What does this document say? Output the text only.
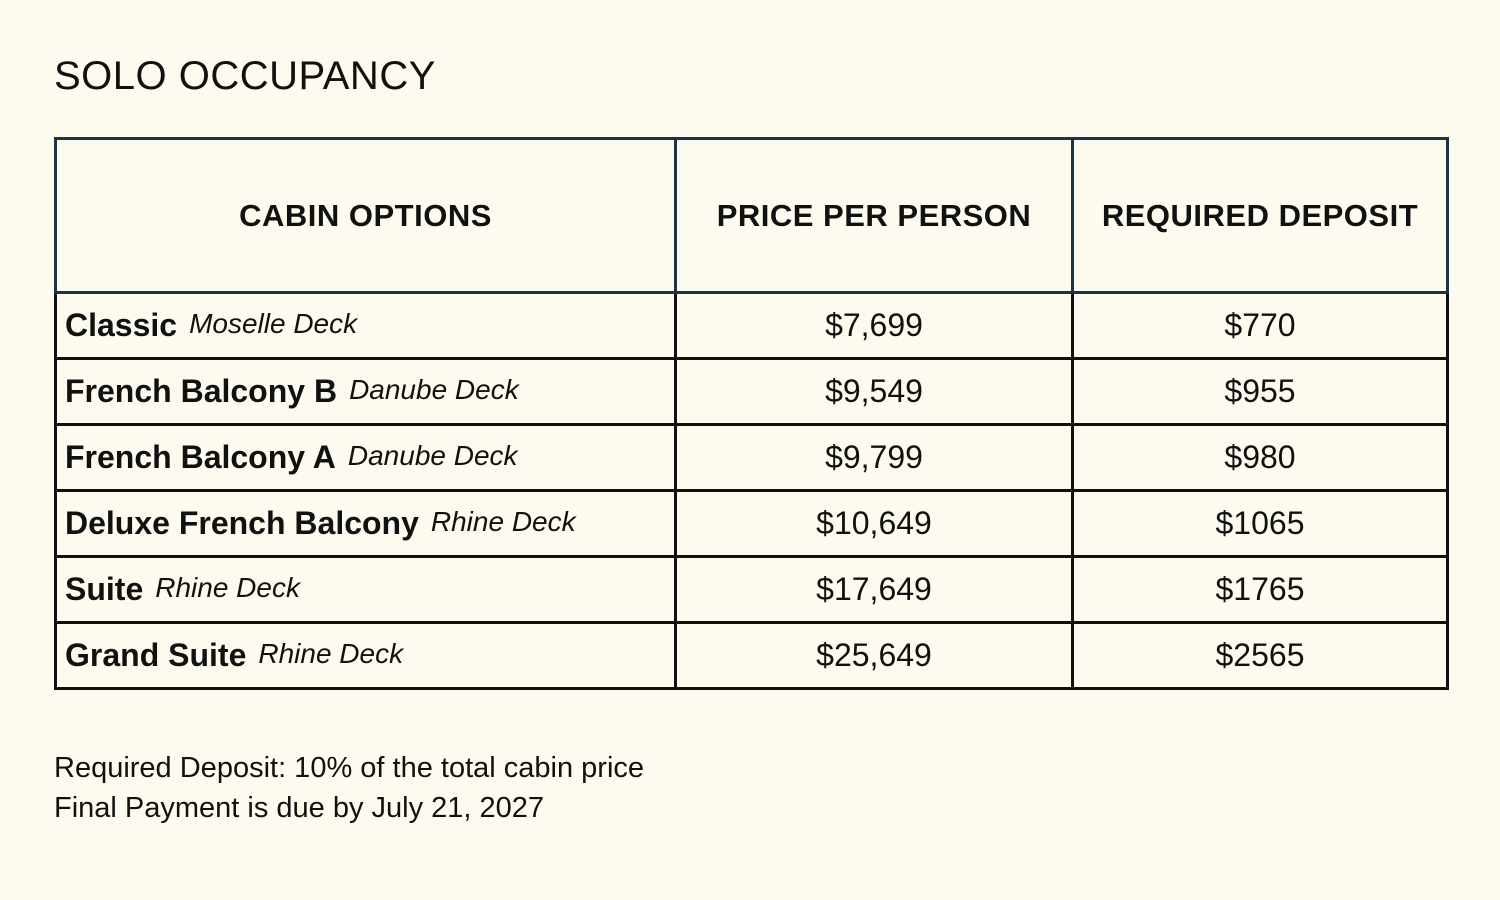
SOLO OCCUPANCY
CABIN OPTIONS	PRICE PER PERSON	REQUIRED DEPOSIT
Classic Moselle Deck	$7,699	$770
French Balcony B Danube Deck	$9,549	$955
French Balcony A Danube Deck	$9,799	$980
Deluxe French Balcony Rhine Deck	$10,649	$1065
Suite Rhine Deck	$17,649	$1765
Grand Suite Rhine Deck	$25,649	$2565

Required Deposit: 10% of the total cabin price

Final Payment is due by July 21, 2027
